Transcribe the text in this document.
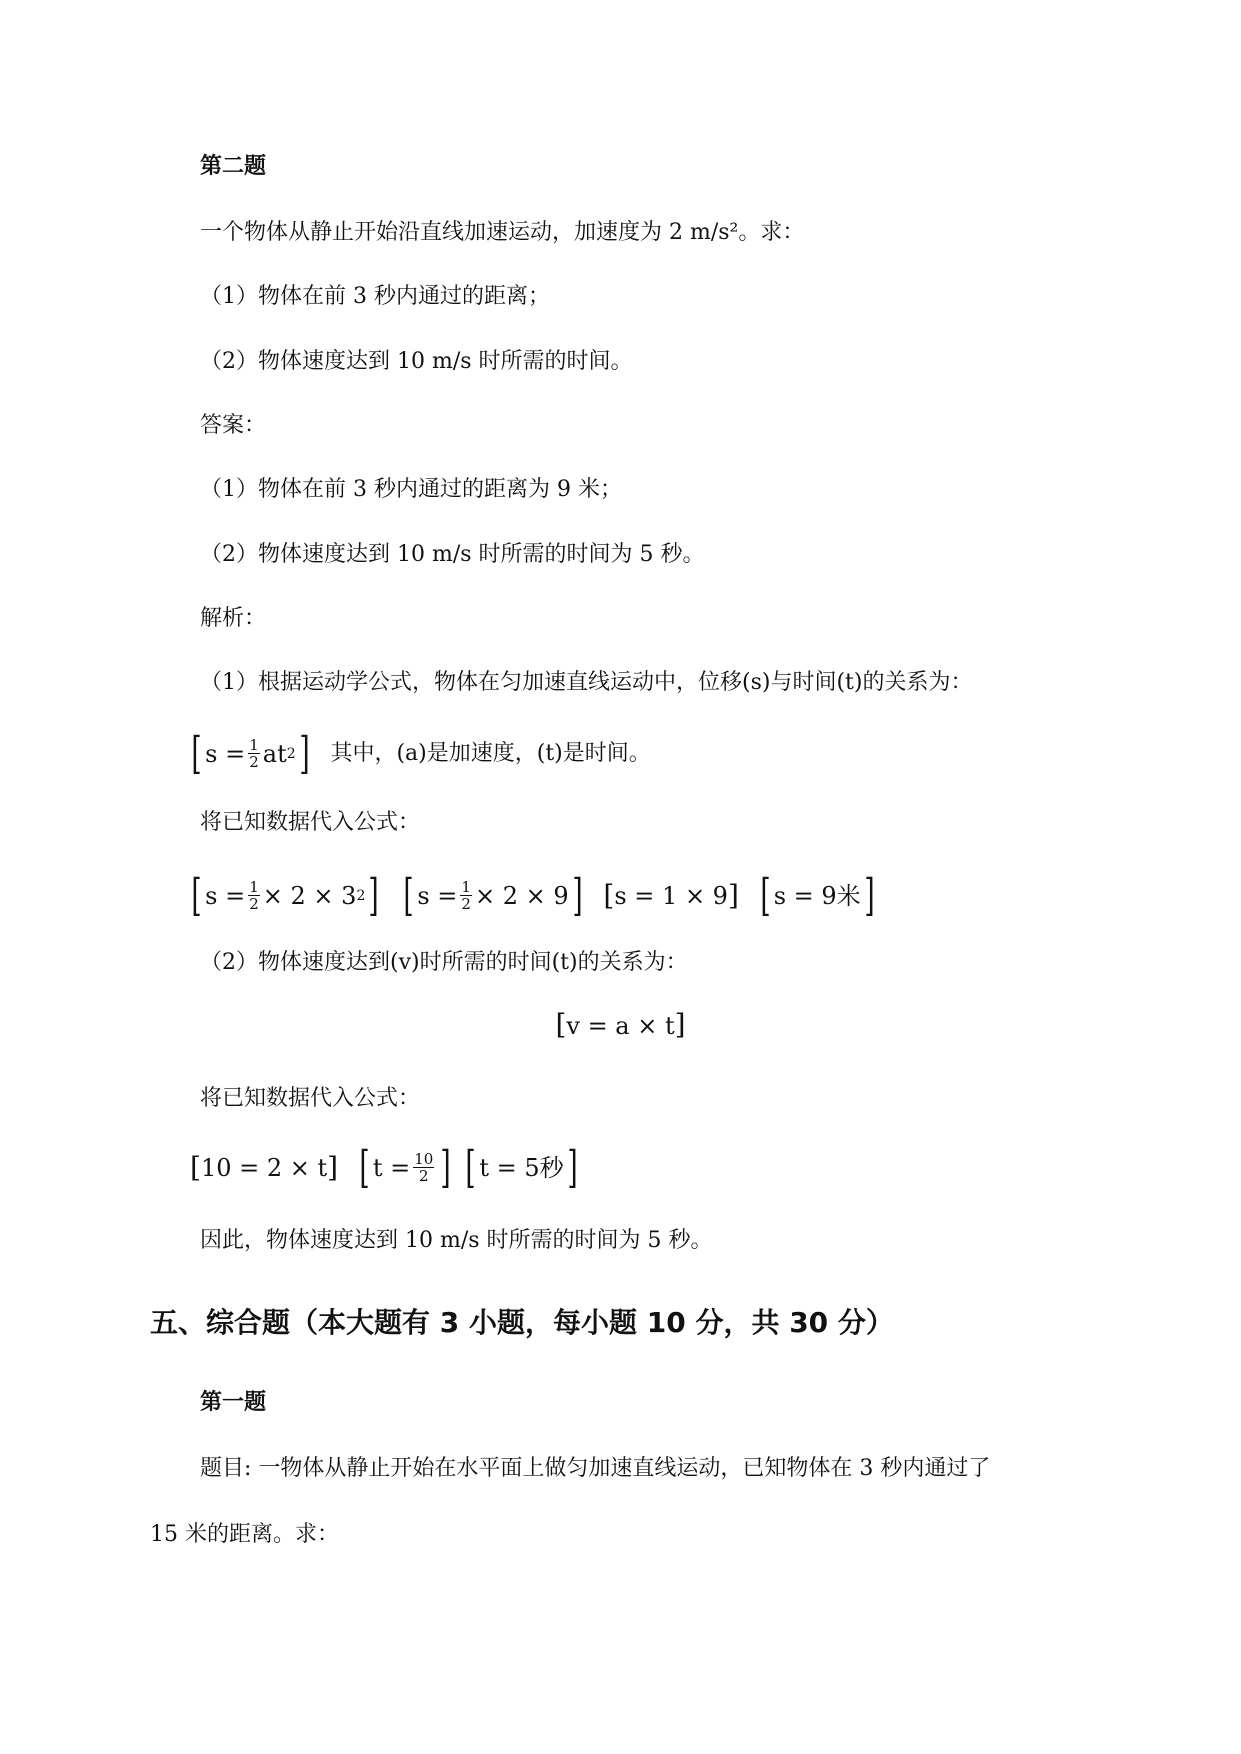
第二题
一个物体从静止开始沿直线加速运动，加速度为 2 m/s²。求：
（1）物体在前 3 秒内通过的距离；
（2）物体速度达到 10 m/s 时所需的时间。
答案：
（1）物体在前 3 秒内通过的距离为 9 米；
（2）物体速度达到 10 m/s 时所需的时间为 5 秒。
解析：
（1）根据运动学公式，物体在匀加速直线运动中，位移(s)与时间(t)的关系为：
[ $s = \frac{1}{2}$ at 2 ] 其中，(a)是加速度，(t)是时间。
将已知数据代入公式：
[ $s = \frac{1}{2} \times 2 \times 3$ 2 ]
[ $s = \frac{1}{2} \times 2 \times 9$ ]
[ s = 1 × 9 ]
[ s = 9米 ]
（2）物体速度达到(v)时所需的时间(t)的关系为：
[v = a × t]
将已知数据代入公式：
[ 10 = 2 × t ]
[ $t = \frac{10}{2}$ ]
[ t = 5秒 ]
因此，物体速度达到 10 m/s 时所需的时间为 5 秒。
五、综合题（本大题有 3 小题，每小题 10 分，共 30 分）
第一题
题目: 一物体从静止开始在水平面上做匀加速直线运动，已知物体在 3 秒内通过了
15 米的距离。求：
